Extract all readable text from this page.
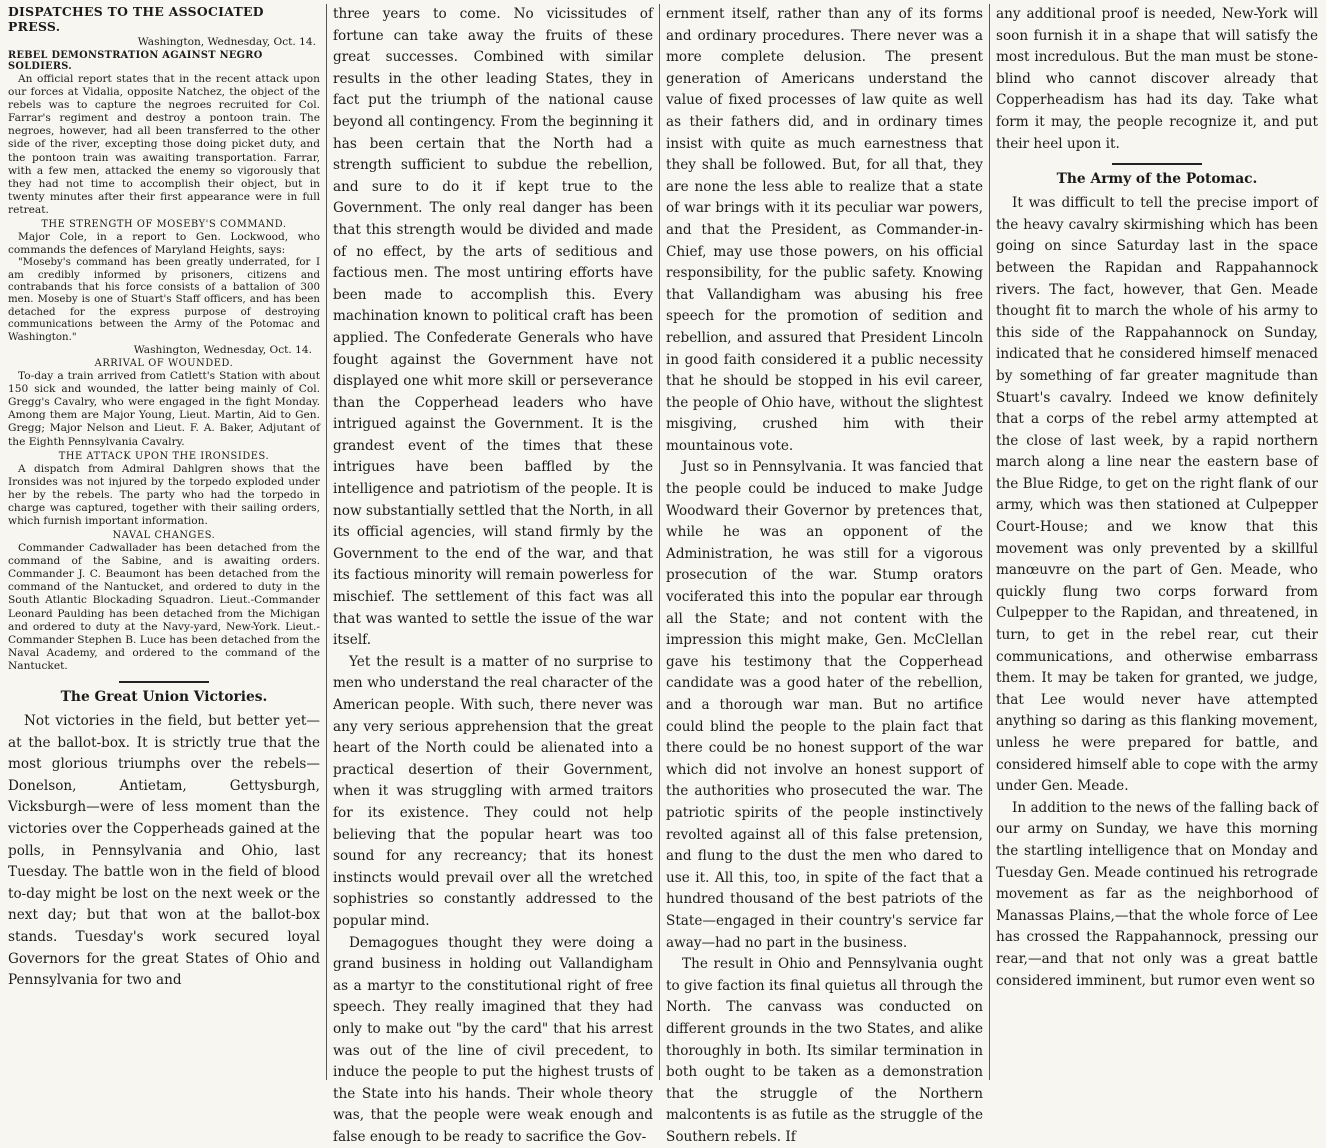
DISPATCHES TO THE ASSOCIATED PRESS.
Washington, Wednesday, Oct. 14.
REBEL DEMONSTRATION AGAINST NEGRO SOLDIERS.

An official report states that in the recent attack upon our forces at Vidalia, opposite Natchez, the object of the rebels was to capture the negroes recruited for Col. Farrar's regiment and destroy a pontoon train. The negroes, however, had all been transferred to the other side of the river, excepting those doing picket duty, and the pontoon train was awaiting transportation. Farrar, with a few men, attacked the enemy so vigorously that they had not time to accomplish their object, but in twenty minutes after their first appearance were in full retreat.

THE STRENGTH OF MOSEBY'S COMMAND.

Major Cole, in a report to Gen. Lockwood, who commands the defences of Maryland Heights, says:

"Moseby's command has been greatly underrated, for I am credibly informed by prisoners, citizens and contrabands that his force consists of a battalion of 300 men. Moseby is one of Stuart's Staff officers, and has been detached for the express purpose of destroying communications between the Army of the Potomac and Washington."

Washington, Wednesday, Oct. 14.
ARRIVAL OF WOUNDED.

To-day a train arrived from Catlett's Station with about 150 sick and wounded, the latter being mainly of Col. Gregg's Cavalry, who were engaged in the fight Monday. Among them are Major Young, Lieut. Martin, Aid to Gen. Gregg; Major Nelson and Lieut. F. A. Baker, Adjutant of the Eighth Pennsylvania Cavalry.

THE ATTACK UPON THE IRONSIDES.

A dispatch from Admiral Dahlgren shows that the Ironsides was not injured by the torpedo exploded under her by the rebels. The party who had the torpedo in charge was captured, together with their sailing orders, which furnish important information.

NAVAL CHANGES.

Commander Cadwallader has been detached from the command of the Sabine, and is awaiting orders. Commander J. C. Beaumont has been detached from the command of the Nantucket, and ordered to duty in the South Atlantic Blockading Squadron. Lieut.-Commander Leonard Paulding has been detached from the Michigan and ordered to duty at the Navy-yard, New-York. Lieut.-Commander Stephen B. Luce has been detached from the Naval Academy, and ordered to the command of the Nantucket.

The Great Union Victories.

Not victories in the field, but better yet—at the ballot-box. It is strictly true that the most glorious triumphs over the rebels—Donelson, Antietam, Gettysburgh, Vicksburgh—were of less moment than the victories over the Copperheads gained at the polls, in Pennsylvania and Ohio, last Tuesday. The battle won in the field of blood to-day might be lost on the next week or the next day; but that won at the ballot-box stands. Tuesday's work secured loyal Governors for the great States of Ohio and Pennsylvania for two and

three years to come. No vicissitudes of fortune can take away the fruits of these great successes. Combined with similar results in the other leading States, they in fact put the triumph of the national cause beyond all contingency. From the beginning it has been certain that the North had a strength sufficient to subdue the rebellion, and sure to do it if kept true to the Government. The only real danger has been that this strength would be divided and made of no effect, by the arts of seditious and factious men. The most untiring efforts have been made to accomplish this. Every machination known to political craft has been applied. The Confederate Generals who have fought against the Government have not displayed one whit more skill or perseverance than the Copperhead leaders who have intrigued against the Government. It is the grandest event of the times that these intrigues have been baffled by the intelligence and patriotism of the people. It is now substantially settled that the North, in all its official agencies, will stand firmly by the Government to the end of the war, and that its factious minority will remain powerless for mischief. The settlement of this fact was all that was wanted to settle the issue of the war itself.

Yet the result is a matter of no surprise to men who understand the real character of the American people. With such, there never was any very serious apprehension that the great heart of the North could be alienated into a practical desertion of their Government, when it was struggling with armed traitors for its existence. They could not help believing that the popular heart was too sound for any recreancy; that its honest instincts would prevail over all the wretched sophistries so constantly addressed to the popular mind.

Demagogues thought they were doing a grand business in holding out Vallandigham as a martyr to the constitutional right of free speech. They really imagined that they had only to make out "by the card" that his arrest was out of the line of civil precedent, to induce the people to put the highest trusts of the State into his hands. Their whole theory was, that the people were weak enough and false enough to be ready to sacrifice the Gov-

ernment itself, rather than any of its forms and ordinary procedures. There never was a more complete delusion. The present generation of Americans understand the value of fixed processes of law quite as well as their fathers did, and in ordinary times insist with quite as much earnestness that they shall be followed. But, for all that, they are none the less able to realize that a state of war brings with it its peculiar war powers, and that the President, as Commander-in-Chief, may use those powers, on his official responsibility, for the public safety. Knowing that Vallandigham was abusing his free speech for the promotion of sedition and rebellion, and assured that President Lincoln in good faith considered it a public necessity that he should be stopped in his evil career, the people of Ohio have, without the slightest misgiving, crushed him with their mountainous vote.

Just so in Pennsylvania. It was fancied that the people could be induced to make Judge Woodward their Governor by pretences that, while he was an opponent of the Administration, he was still for a vigorous prosecution of the war. Stump orators vociferated this into the popular ear through all the State; and not content with the impression this might make, Gen. McClellan gave his testimony that the Copperhead candidate was a good hater of the rebellion, and a thorough war man. But no artifice could blind the people to the plain fact that there could be no honest support of the war which did not involve an honest support of the authorities who prosecuted the war. The patriotic spirits of the people instinctively revolted against all of this false pretension, and flung to the dust the men who dared to use it. All this, too, in spite of the fact that a hundred thousand of the best patriots of the State—engaged in their country's service far away—had no part in the business.

The result in Ohio and Pennsylvania ought to give faction its final quietus all through the North. The canvass was conducted on different grounds in the two States, and alike thoroughly in both. Its similar termination in both ought to be taken as a demonstration that the struggle of the Northern malcontents is as futile as the struggle of the Southern rebels. If

any additional proof is needed, New-York will soon furnish it in a shape that will satisfy the most incredulous. But the man must be stone-blind who cannot discover already that Copperheadism has had its day. Take what form it may, the people recognize it, and put their heel upon it.

The Army of the Potomac.

It was difficult to tell the precise import of the heavy cavalry skirmishing which has been going on since Saturday last in the space between the Rapidan and Rappahannock rivers. The fact, however, that Gen. Meade thought fit to march the whole of his army to this side of the Rappahannock on Sunday, indicated that he considered himself menaced by something of far greater magnitude than Stuart's cavalry. Indeed we know definitely that a corps of the rebel army attempted at the close of last week, by a rapid northern march along a line near the eastern base of the Blue Ridge, to get on the right flank of our army, which was then stationed at Culpepper Court-House; and we know that this movement was only prevented by a skillful manœuvre on the part of Gen. Meade, who quickly flung two corps forward from Culpepper to the Rapidan, and threatened, in turn, to get in the rebel rear, cut their communications, and otherwise embarrass them. It may be taken for granted, we judge, that Lee would never have attempted anything so daring as this flanking movement, unless he were prepared for battle, and considered himself able to cope with the army under Gen. Meade.

In addition to the news of the falling back of our army on Sunday, we have this morning the startling intelligence that on Monday and Tuesday Gen. Meade continued his retrograde movement as far as the neighborhood of Manassas Plains,—that the whole force of Lee has crossed the Rappahannock, pressing our rear,—and that not only was a great battle considered imminent, but rumor even went so
